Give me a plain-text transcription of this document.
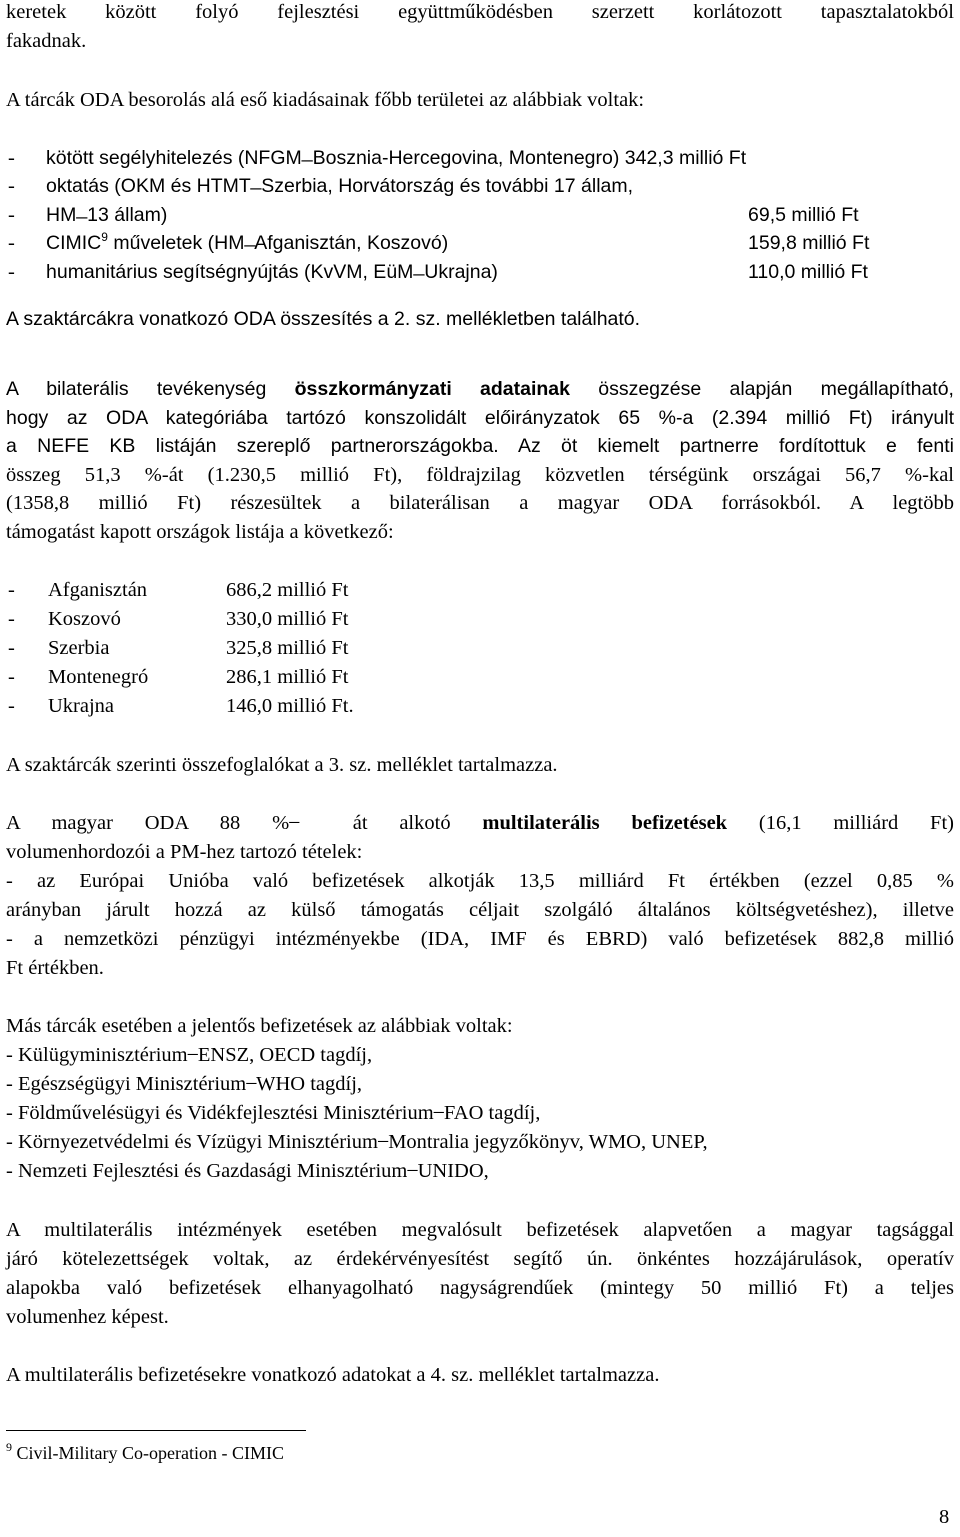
keretek között folyó fejlesztési együttműködésben szerzett korlátozott tapasztalatokból
fakadnak.
A tárcák ODA besorolás alá eső kiadásainak főbb területei az alábbiak voltak:
- kötött segélyhitelezés (NFGM ̶ Bosznia-Hercegovina, Montenegro) 342,3 millió Ft
- oktatás (OKM és HTMT ̶ Szerbia, Horvátország és további 17 állam,
- HM ̶ 13 állam)	69,5 millió Ft
- CIMIC$^9$ műveletek (HM ̶ Afganisztán, Koszovó)	159,8 millió Ft
- humanitárius segítségnyújtás (KvVM, EüM ̶ Ukrajna)	110,0 millió Ft
A szaktárcákra vonatkozó ODA összesítés a 2. sz. mellékletben található.
A bilaterális tevékenység összkormányzati adatainak összegzése alapján megállapítható,
hogy az ODA kategóriába tartózó konszolidált előirányzatok 65 %-a (2.394 millió Ft) irányult
a NEFE KB listáján szereplő partnerországokba. Az öt kiemelt partnerre fordítottuk e fenti
összeg 51,3 %-át (1.230,5 millió Ft), földrajzilag közvetlen térségünk országai 56,7 %-kal
(1358,8 millió Ft) részesültek a bilaterálisan a magyar ODA forrásokból. A legtöbb
támogatást kapott országok listája a következő:
- Afganisztán	686,2 millió Ft
- Koszovó	330,0 millió Ft
- Szerbia	325,8 millió Ft
- Montenegró	286,1 millió Ft
- Ukrajna	146,0 millió Ft.
A szaktárcák szerinti összefoglalókat a 3. sz. melléklet tartalmazza.
A magyar ODA 88 % ̶ át alkotó multilaterális befizetések (16,1 milliárd Ft)
volumenhordozói a PM-hez tartozó tételek:
- az Európai Unióba való befizetések alkotják 13,5 milliárd Ft értékben (ezzel 0,85 %
arányban járult hozzá az külső támogatás céljait szolgáló általános költségvetéshez), illetve
- a nemzetközi pénzügyi intézményekbe (IDA, IMF és EBRD) való befizetések 882,8 millió
Ft értékben.
Más tárcák esetében a jelentős befizetések az alábbiak voltak:
- Külügyminisztérium ̶ ENSZ, OECD tagdíj,
- Egészségügyi Minisztérium ̶ WHO tagdíj,
- Földművelésügyi és Vidékfejlesztési Minisztérium ̶ FAO tagdíj,
- Környezetvédelmi és Vízügyi Minisztérium ̶ Montralia jegyzőkönyv, WMO, UNEP,
- Nemzeti Fejlesztési és Gazdasági Minisztérium ̶ UNIDO,
A multilaterális intézmények esetében megvalósult befizetések alapvetően a magyar tagsággal
járó kötelezettségek voltak, az érdekérvényesítést segítő ún. önkéntes hozzájárulások, operatív
alapokba való befizetések elhanyagolható nagyságrendűek (mintegy 50 millió Ft) a teljes
volumenhez képest.
A multilaterális befizetésekre vonatkozó adatokat a 4. sz. melléklet tartalmazza.
$^9$ Civil-Military Co-operation - CIMIC
8
